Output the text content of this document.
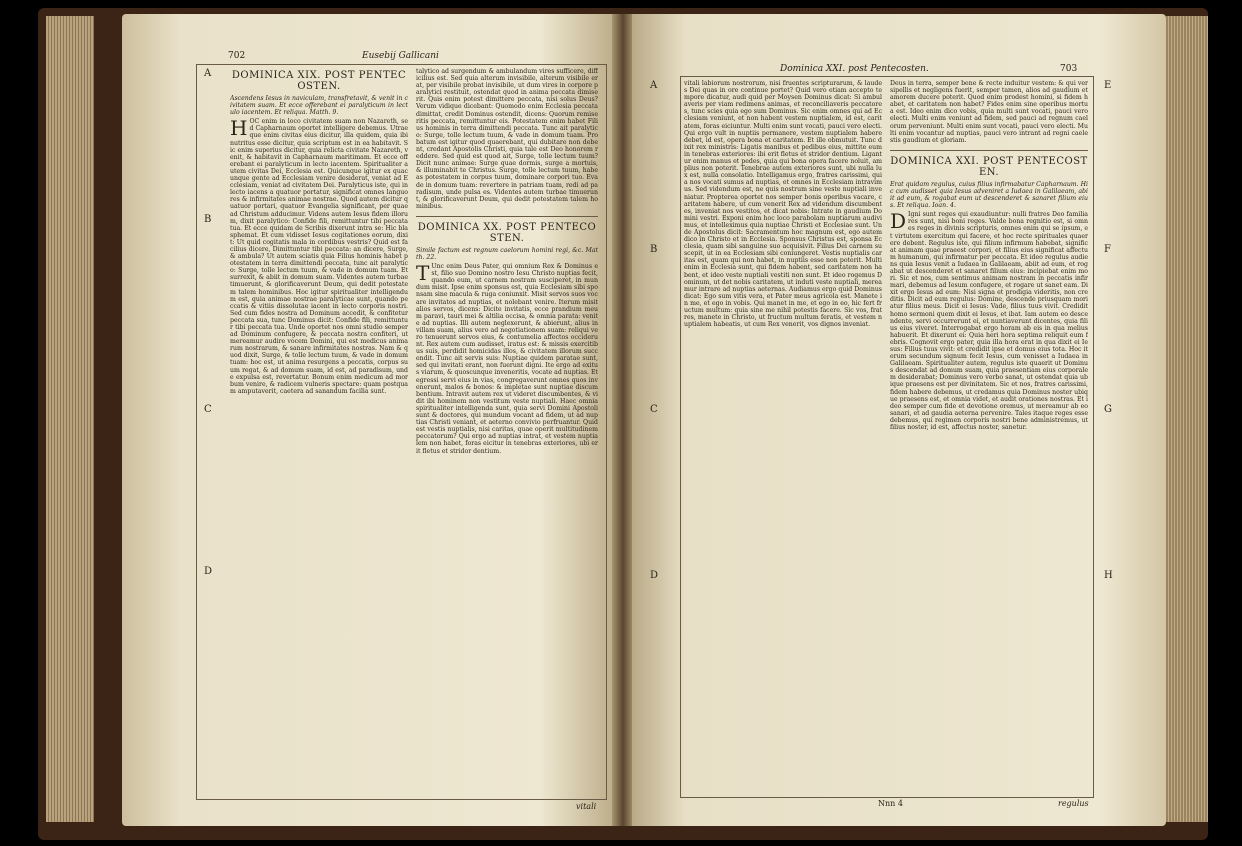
702	Eusebij Gallicani
A
B
C
D
DOMINICA XIX. POST PENTECOSTEN.
Ascendens Iesus in naviculam, transfretavit, & venit in civitatem suam. Et ecce offerebant ei paralyticum in lectulo iacentem. Et reliqua. Matth. 9.
H OC enim in loco civitatem suam non Nazareth, sed Capharnaum oportet intelligere debemus. Utraeque enim civitas eius dicitur, illa quidem, quia ibi nutritus esse dicitur, quia scriptum est in ea habitavit. Sic enim superius dicitur, quia relicta civitate Nazareth, venit, & habitavit in Capharnaum maritimam. Et ecce offerebant ei paralyticum in lecto iacentem. Spiritualiter autem civitas Dei, Ecclesia est. Quicunque igitur ex quacunque gente ad Ecclesiam venire desiderat, veniat ad Ecclesiam, veniat ad civitatem Dei. Paralyticus iste, qui in lecto iacens a quatuor portatur, significat omnes languores & infirmitates animae nostrae. Quod autem dicitur quatuor portari, quatuor Evangelia significant, per quae ad Christum adducimur. Videns autem Iesus fidem illorum, dixit paralytico: Confide fili, remittuntur tibi peccata tua. Et ecce quidam de Scribis dixerunt intra se: Hic blasphemat. Et cum vidisset Iesus cogitationes eorum, dixit: Ut quid cogitatis mala in cordibus vestris? Quid est facilius dicere, Dimittuntur tibi peccata: an dicere, Surge, & ambula? Ut autem sciatis quia Filius hominis habet potestatem in terra dimittendi peccata, tunc ait paralytico: Surge, tolle lectum tuum, & vade in domum tuam. Et surrexit, & abiit in domum suam. Videntes autem turbae timuerunt, & glorificaverunt Deum, qui dedit potestatem talem hominibus. Hoc igitur spiritualiter intelligendum est, quia animae nostrae paralyticae sunt, quando peccatis & vitiis dissolutae iacent in lecto corporis nostri. Sed cum fides nostra ad Dominum accedit, & confitetur peccata sua, tunc Dominus dicit: Confide fili, remittuntur tibi peccata tua. Unde oportet nos omni studio semper ad Dominum confugere, & peccata nostra confiteri, ut mereamur audire vocem Domini, qui est medicus animarum nostrarum, & sanare infirmitates nostras. Nam & quod dixit, Surge, & tolle lectum tuum, & vade in domum tuam: hoc est, ut anima resurgens a peccatis, corpus suum regat, & ad domum suam, id est, ad paradisum, unde expulsa est, revertatur. Bonum enim medicum ad morbum venire, & radicem vulneris spectare: quam postquam amputaverit, caetera ad sanandum facilia sunt.
talytico ad surgendum & ambulandum vires sufficere, difficilius est. Sed quia alterum invisibile, alterum visibile erat, per visibile probat invisibile, ut dum vires in corpore paralytici restituit, ostendat quod in anima peccata dimiserit. Quis enim potest dimittere peccata, nisi solus Deus? Verum vidique dicebant: Quomodo enim Ecclesia peccata dimittat, credit Dominus ostendit, dicens: Quorum remiseritis peccata, remittuntur eis. Potestatem enim habet Filius hominis in terra dimittendi peccata. Tunc ait paralytico: Surge, tolle lectum tuum, & vade in domum tuam. Probatum est igitur quod quaerebant, qui dubitare non debent, credant Apostolis Christi, quia tale est Deo honorem reddere. Sed quid est quod ait, Surge, tolle lectum tuum? Dicit nunc animae: Surge quae dormis, surge a mortuis, & illuminabit te Christus. Surge, tolle lectum tuum, habeas potestatem in corpus tuum, dominare corpori tuo. Evade in domum tuam: revertere in patriam tuam, redi ad paradisum, unde pulsa es. Videntes autem turbae timuerunt, & glorificaverunt Deum, qui dedit potestatem talem hominibus.
DOMINICA XX. POST PENTECOSTEN.
Simile factum est regnum caelorum homini regi, &c. Matth. 22.
T Unc enim Deus Pater, qui omnium Rex & Dominus est, filio suo Domino nostro Iesu Christo nuptias fecit, quando eum, ut carnem nostram susciperet, in mundum misit. Ipse enim sponsus est, quia Ecclesiam sibi sponsam sine macula & ruga coniunxit. Misit servos suos vocare invitatos ad nuptias, et nolebant venire. Iterum misit alios servos, dicens: Dicite invitatis, ecce prandium meum paravi, tauri mei & altilia occisa, & omnia parata: venite ad nuptias. Illi autem neglexerunt, & abierunt, alius in villam suam, alius vero ad negotiationem suam: reliqui vero tenuerunt servos eius, & contumelia affectos occiderunt. Rex autem cum audisset, iratus est: & missis exercitibus suis, perdidit homicidas illos, & civitatem illorum succendit. Tunc ait servis suis: Nuptiae quidem paratae sunt, sed qui invitati erant, non fuerunt digni. Ite ergo ad exitus viarum, & quoscunque inveneritis, vocate ad nuptias. Et egressi servi eius in vias, congregaverunt omnes quos invenerunt, malos & bonos: & impletae sunt nuptiae discumbentium. Intravit autem rex ut videret discumbentes, & vidit ibi hominem non vestitum veste nuptiali. Haec omnia spiritualiter intelligenda sunt, quia servi Domini Apostoli sunt & doctores, qui mundum vocant ad fidem, ut ad nuptias Christi veniant, et aeterno convivio perfruantur. Quid est vestis nuptialis, nisi caritas, quae operit multitudinem peccatorum? Qui ergo ad nuptias intrat, et vestem nuptialem non habet, foras eicitur in tenebras exteriores, ubi erit fletus et stridor dentium.
vitali
Dominica XXI. post Pentecosten.	703
A
B
C
D
E
F
G
H
vitali labiorum nostrorum, nisi fruentes scripturarum, & laudes Dei quas in ore continue portet? Quid vero etiam accepto tempore dicatur, audi quid per Moysen Dominus dicat: Si ambulaveris per viam redimens animas, et reconciliaveris peccatores, tunc scies quia ego sum Dominus. Sic enim omnes qui ad Ecclesiam veniunt, et non habent vestem nuptialem, id est, caritatem, foras eiciuntur. Multi enim sunt vocati, pauci vero electi. Qui ergo vult in nuptiis permanere, vestem nuptialem habere debet, id est, opera bona et caritatem. Et ille obmutuit. Tunc dixit rex ministris: Ligatis manibus et pedibus eius, mittite eum in tenebras exteriores: ibi erit fletus et stridor dentium. Ligantur enim manus et pedes, quia qui bona opera facere noluit, amplius non poterit. Tenebrae autem exteriores sunt, ubi nulla lux est, nulla consolatio. Intelligamus ergo, fratres carissimi, quia nos vocati sumus ad nuptias, et omnes in Ecclesiam intravimus. Sed videndum est, ne quis nostrum sine veste nuptiali inveniatur. Propterea oportet nos semper bonis operibus vacare, caritatem habere, ut cum venerit Rex ad videndum discumbentes, inveniat nos vestitos, et dicat nobis: Intrate in gaudium Domini vestri. Exponi enim hoc loco parabolam nuptiarum audivimus, et intelleximus quia nuptiae Christi et Ecclesiae sunt. Unde Apostolus dicit: Sacramentum hoc magnum est, ego autem dico in Christo et in Ecclesia. Sponsus Christus est, sponsa Ecclesia, quam sibi sanguine suo acquisivit. Filius Dei carnem suscepit, ut in ea Ecclesiam sibi coniungeret. Vestis nuptialis caritas est, quam qui non habet, in nuptiis esse non poterit. Multi enim in Ecclesia sunt, qui fidem habent, sed caritatem non habent, et ideo veste nuptiali vestiti non sunt. Et ideo rogemus Dominum, ut det nobis caritatem, ut induti veste nuptiali, mereamur intrare ad nuptias aeternas. Audiamus ergo quid Dominus dicat: Ego sum vitis vera, et Pater meus agricola est. Manete in me, et ego in vobis. Qui manet in me, et ego in eo, hic fert fructum multum: quia sine me nihil potestis facere. Sic vos, fratres, manete in Christo, ut fructum multum feratis, et vestem nuptialem habeatis, ut cum Rex venerit, vos dignos inveniat.
Deus in terra, semper bene & recte induitur vestem: & qui versipellis et negligens fuerit, semper tamen, alios ad gaudium et amorem ducere poterit. Quod enim prodest homini, si fidem habet, et caritatem non habet? Fides enim sine operibus mortua est. Ideo enim dico vobis, quia multi sunt vocati, pauci vero electi. Multi enim veniunt ad fidem, sed pauci ad regnum caelorum perveniunt. Multi enim sunt vocati, pauci vero electi. Multi enim vocantur ad nuptias, pauci vero intrant ad regni caelestis gaudium et gloriam.
DOMINICA XXI. POST PENTECOSTEN.
Erat quidam regulus, cuius filius infirmabatur Capharnaum. Hic cum audisset quia Iesus adveniret a Iudaea in Galilaeam, abiit ad eum, & rogabat eum ut descenderet & sanaret filium eius. Et reliqua. Ioan. 4.
D Igni sunt reges qui exaudiuntur: nulli fratres Deo familiares sunt, nisi boni reges. Valde bona regnitio est, si omnes reges in divinis scripturis, omnes enim qui se ipsum, et virtutem exercitum qui facere, et hoc recte spirituales quaerere debent. Regulus iste, qui filium infirmum habebat, significat animam quae praeest corpori, et filius eius significat affectum humanum, qui infirmatur per peccata. Et ideo regulus audiens quia Iesus venit a Iudaea in Galilaeam, abiit ad eum, et rogabat ut descenderet et sanaret filium eius: incipiebat enim mori. Sic et nos, cum sentimus animam nostram in peccatis infirmari, debemus ad Iesum confugere, et rogare ut sanet eam. Dixit ergo Iesus ad eum: Nisi signa et prodigia videritis, non creditis. Dicit ad eum regulus: Domine, descende priusquam moriatur filius meus. Dicit ei Iesus: Vade, filius tuus vivit. Credidit homo sermoni quem dixit ei Iesus, et ibat. Iam autem eo descendente, servi occurrerunt ei, et nuntiaverunt dicentes, quia filius eius viveret. Interrogabat ergo horam ab eis in qua melius habuerit. Et dixerunt ei: Quia heri hora septima reliquit eum febris. Cognovit ergo pater, quia illa hora erat in qua dixit ei Iesus: Filius tuus vivit: et credidit ipse et domus eius tota. Hoc iterum secundum signum fecit Iesus, cum venisset a Iudaea in Galilaeam. Spiritualiter autem, regulus iste quaerit ut Dominus descendat ad domum suam, quia praesentiam eius corporalem desiderabat; Dominus vero verbo sanat, ut ostendat quia ubique praesens est per divinitatem. Sic et nos, fratres carissimi, fidem habere debemus, ut credamus quia Dominus noster ubique praesens est, et omnia videt, et audit orationes nostras. Et ideo semper cum fide et devotione oremus, ut mereamur ab eo sanari, et ad gaudia aeterna pervenire. Tales itaque reges esse debemus, qui regimen corporis nostri bene administremus, ut filius noster, id est, affectus noster, sanetur.
Nnn 4	regulus
